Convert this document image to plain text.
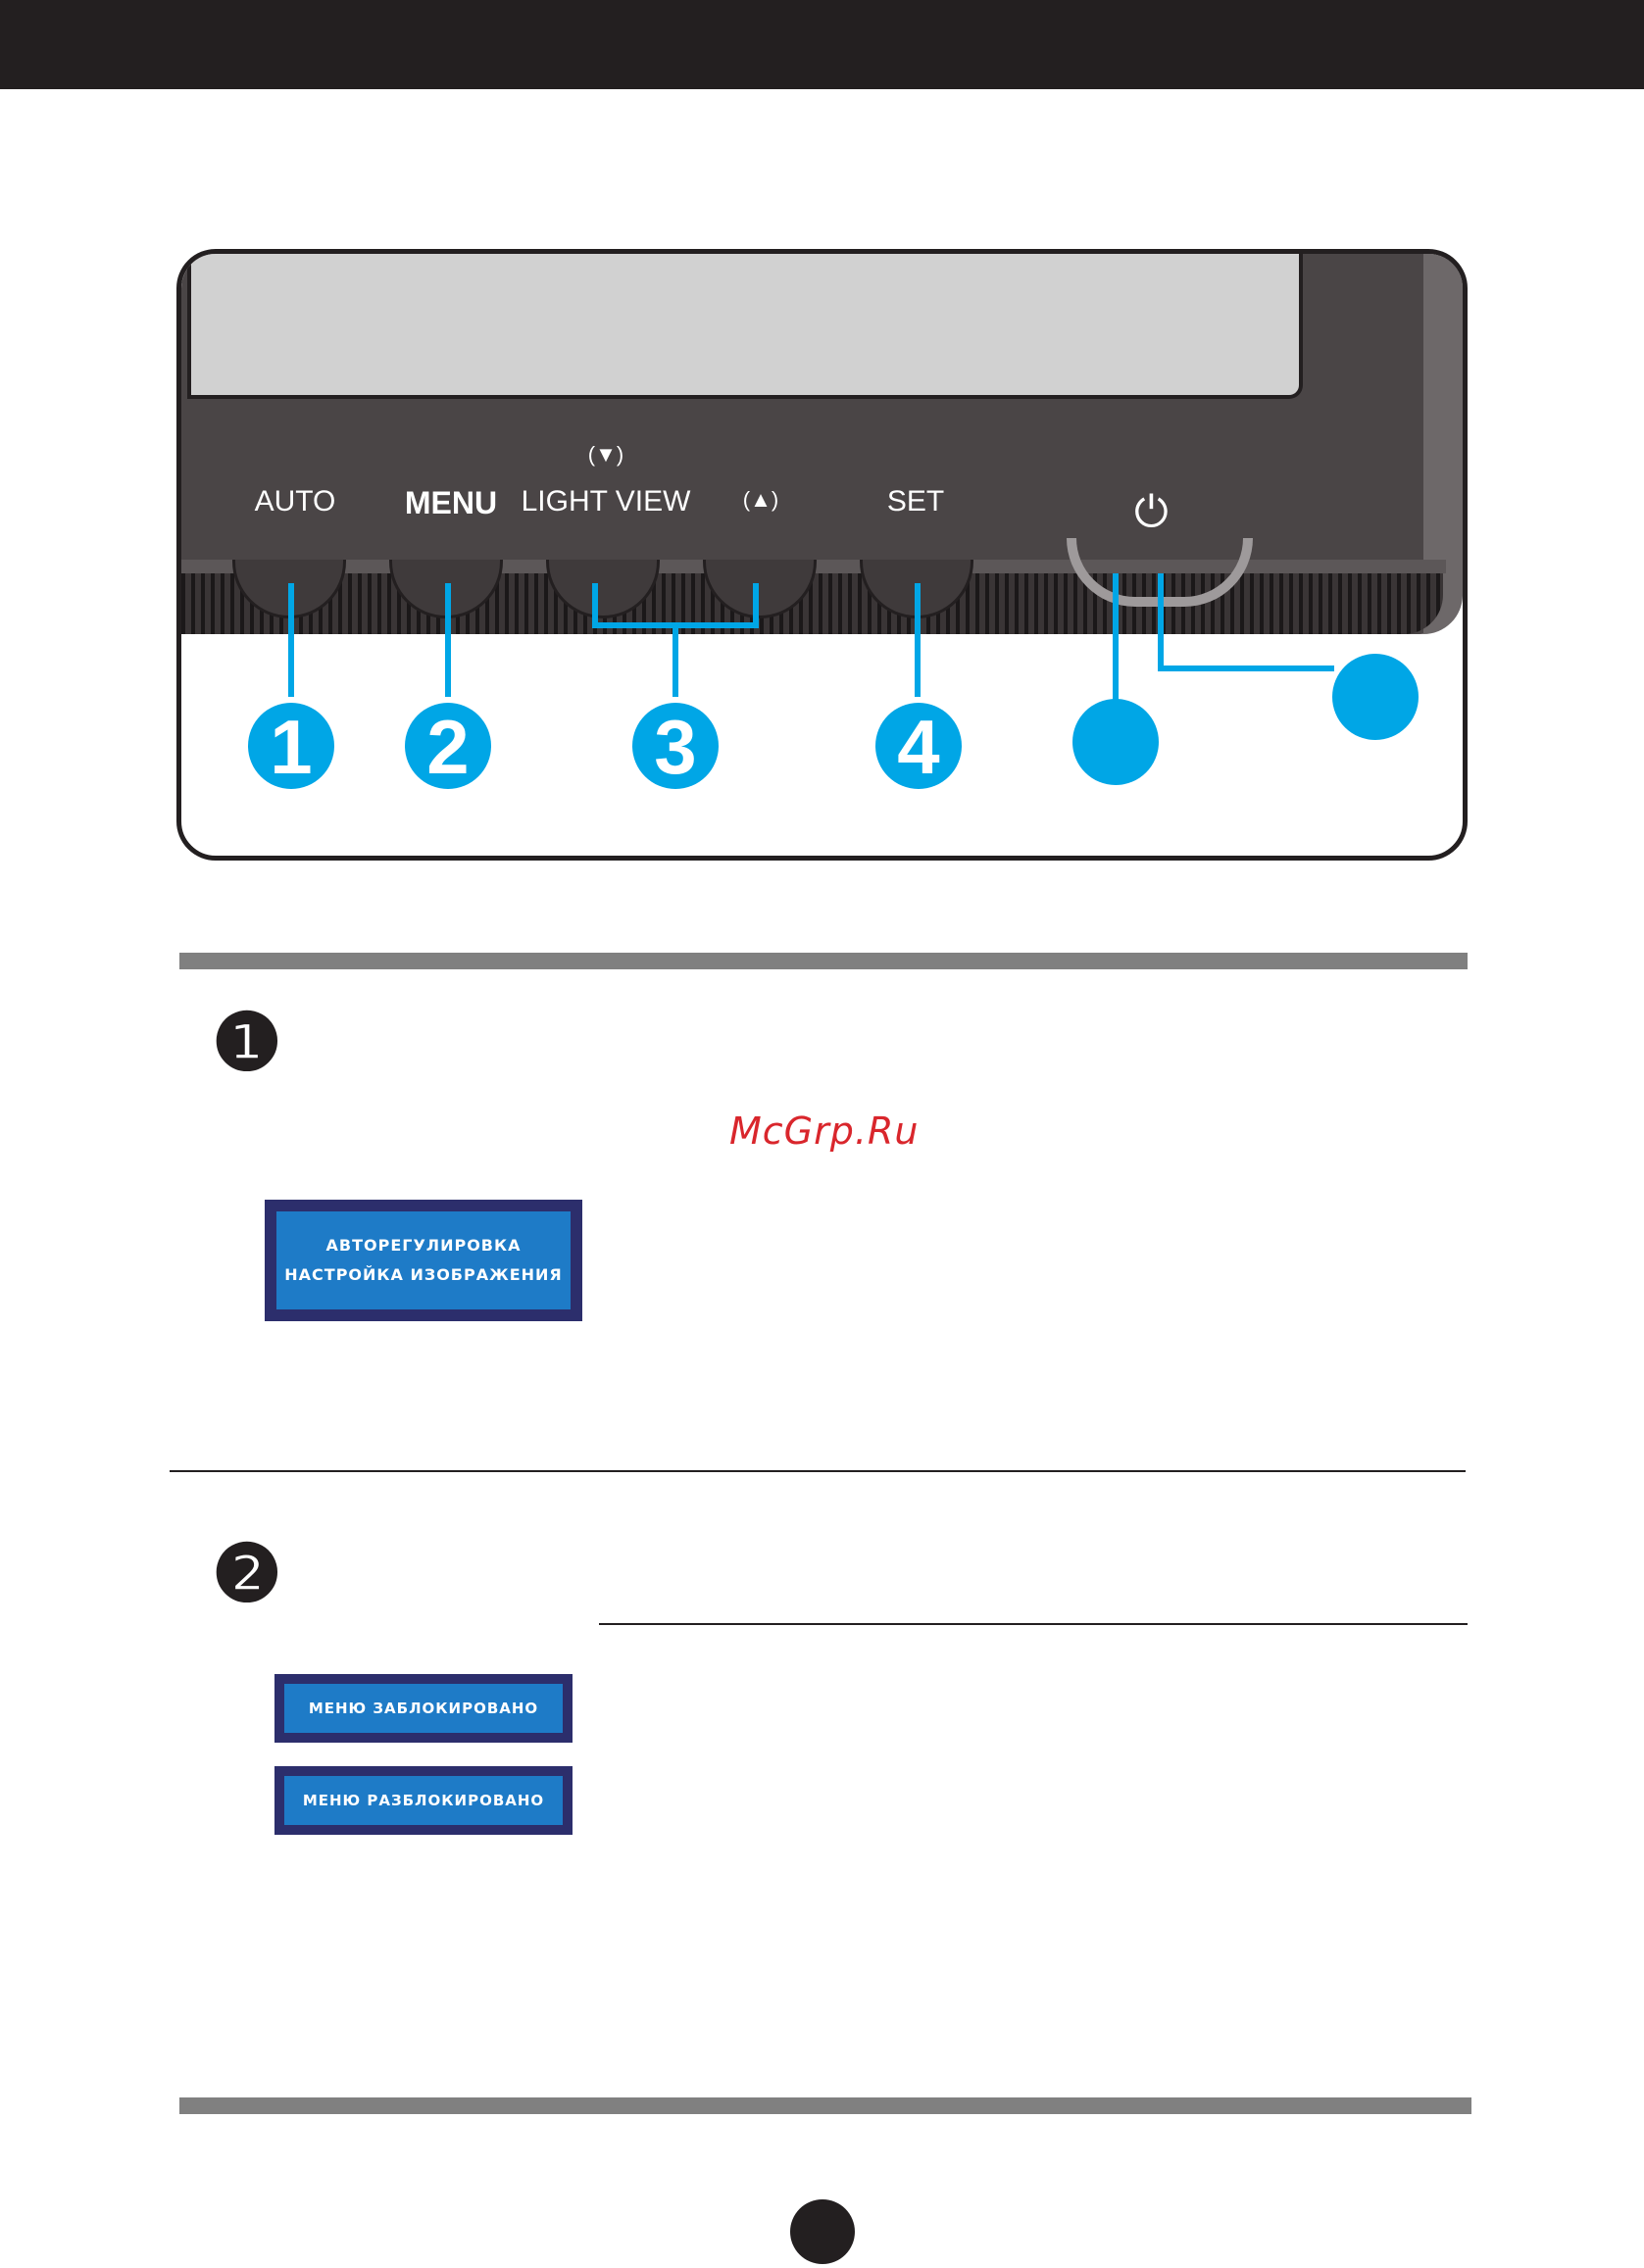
AUTO MENU
(▼)
LIGHT VIEW (▲)	SET	⏻
1 2 3	4
❶
McGrp.Ru
АВТОРЕГУЛИРОВКА
НАСТРОЙКА ИЗОБРАЖЕНИЯ
❷
МЕНЮ ЗАБЛОКИРОВАНО
МЕНЮ РАЗБЛОКИРОВАНО
